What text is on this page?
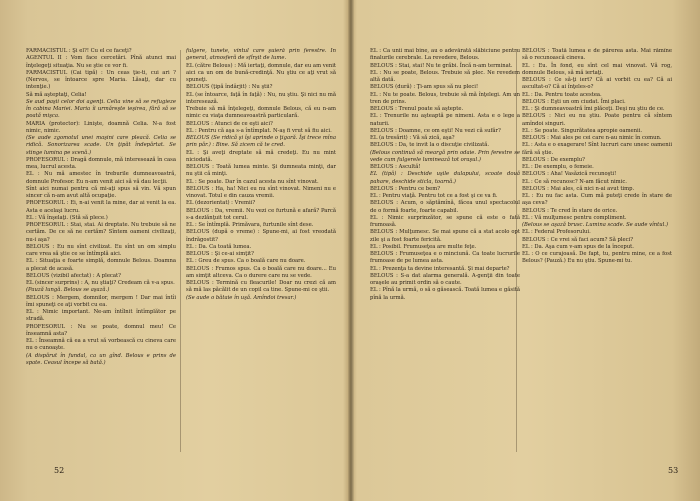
FARMACISTUL : Şi el?! Cu el ce faceţi?

AGENTUL II : Vom face cercetări. Pînă atunci mai înţelegeţi situaţia. Nu se ştie ce vor fi.

FARMACISTUL (Cai tipă) : Un ceas ţie-ti, cui ari ? (Nervos, se întoarce spre Maria. Lăsaţi, dar cu intenţie.)

Să mă aşteptaţi, Celia!

Se aud paşii celor doi agenţi. Celia vine să se refugieze în cabina Mariei. Maria îi urmăreşte ieşirea, fără să se poată mişca.

MARIA (protector): Linişte, doamnă Celia. N-a fost nimic, nimic.

(Se aude zgomotul unei maşini care pleacă. Celia se ridică. Sonorizarea scade. Un ţipăt îndepărtat. Se stinge lumina pe scenă.)

PROFESORUL : Dragă domnule, mă interesează în casa mea, lucrul acesta.

EL : Nu mă amestec în treburile dumneavoastră, domnule Profesor. Eu n-am venit aici să vă dau lecţii.

Sînt aici numai pentru că mi-aţi spus să vin. Vă spun sincer că n-am avut altă ocupaţie.

PROFESORUL : Ei, n-ai venit la mine, dar ai venit la ea. Asta e acelaşi lucru.

EL : Vă înşelaţi. (Stă să plece.)

PROFESORUL : Stai, stai. Ai dreptate. Nu trebuie să ne certăm. De ce să ne certăm? Sîntem oameni civilizaţi, nu-i aşa?

BELOUS : Eu nu sînt civilizat. Eu sînt un om simplu care vrea să ştie ce se întîmplă aici.

EL : Situaţia e foarte simplă, domnule Belous. Doamna a plecat de acasă.

BELOUS (vizibil afectat) : A plecat?

EL (sincer surprins) : A, nu ştiaţi? Credeam că v-a spus.

(Pauză lungă. Belous se aşază.)

BELOUS : Mergem, domnilor, mergem ! Dar mai întîi îmi spuneţi ce aţi vorbit cu ea.

EL : Nimic important. Ne-am întîlnit întîmplător pe stradă.

PROFESORUL : Nu se poate, domnul meu! Ce înseamnă asta?

EL : Înseamnă că ea a vrut să vorbească cu cineva care nu o cunoaşte.

(A dispărut în fundal, ca un gînd. Belous e prins de spate. Ceasul începe să bată.)

fulgere, tunete, vîntul care şuieră prin ferestre. În general, atmosferă de sfîrşit de lume.

EL (către Belous) : Mă iertaţi, domnule, dar eu am venit aici ca un om de bună-credinţă. Nu ştiu ce aţi vrut să spuneţi.

BELOUS (ţipă îndârjit) : Nu ştii?

EL (se întoarce, faţă în faţă) : Nu, nu ştiu. Şi nici nu mă interesează.

Trebuie să mă înţelegeţi, domnule Belous, că eu n-am nimic cu viaţa dumneavoastră particulară.

BELOUS : Atunci de ce eşti aici?

EL : Pentru că aşa s-a întîmplat. N-aş fi vrut să fiu aici.

BELOUS (Se ridică şi îşi aprinde o ţigară. Îşi trece mîna prin păr.) : Bine. Să zicem că te cred.

EL : Şi aveţi dreptate să mă credeţi. Eu nu mint niciodată.

BELOUS : Toată lumea minte. Şi dumneata minţi, dar nu ştii că minţi.

EL : Se poate. Dar în cazul acesta nu sînt vinovat.

BELOUS : Ha, ha! Nici eu nu sînt vinovat. Nimeni nu e vinovat. Totul e din cauza vremii.

EL (dezorientat) : Vremii?

BELOUS : Da, vremii. Nu vezi ce furtună e afară? Parcă s-a dezlănţuit tot cerul.

EL : Se întîmplă. Primăvara, furtunile sînt dese.

BELOUS (după o vreme) : Spune-mi, ai fost vreodată îndrăgostit?

EL : Da. Ca toată lumea.

BELOUS : Şi ce-ai simţit?

EL : Greu de spus. Ca o boală care nu doare.

BELOUS : Frumos spus. Ca o boală care nu doare... Eu am simţit altceva. Ca o durere care nu se vede.

BELOUS : Termină cu fleacurile! Doar nu crezi că am să mă las păcălit de un copil ca tine. Spune-mi ce ştii.

(Se aude o bătaie în uşă. Amîndoi tresar.)

52

EL : Ca unii mai bine, au o adevărată slăbiciune pentru finalurile cerebrale. La revedere, Belous.

BELOUS : Stai, stai! Nu te grăbi. Încă n-am terminat.

EL : Nu se poate, Belous. Trebuie să plec. Ne revedem altă dată.

BELOUS (dură) : Ţi-am spus să nu pleci!

EL : Nu te poate. Belous, trebuie să mă înţelegi. Am un tren de prins.

BELOUS : Trenul poate să aştepte.

EL : Trenurile nu aşteaptă pe nimeni. Asta e o lege a naturii.

BELOUS : Doamne, ce om eşti! Nu vezi că sufăr?

EL (a tresărit) : Vă să zică, aşa?

BELOUS : Da, te invit la o discuţie civilizată.

(Belous continuă să meargă prin odaie. Prin ferestre se vede cum fulgerele luminează tot oraşul.)

BELOUS : Ascultă!

EL (tipă) : Deschide uşile dulapului, scoate două pahare, deschide sticla, toarnă.)

BELOUS : Pentru ce bem?

EL : Pentru viaţă. Pentru tot ce a fost şi ce va fi.

BELOUS : Acum, o săptămînă, făcea unul spectacolul de o formă foarte, foarte capabil.

EL : Nimic surprinzător, se spune că este o fată frumoasă.

BELOUS : Mulţumesc. Se mai spune că a stat acolo opt zile şi a fost foarte fericită.

EL : Posibil. Frumuseţea are multe feţe.

BELOUS : Frumuseţea e o minciună. Ca toate lucrurile frumoase de pe lumea asta.

EL : Prezenţa ta devine interesantă. Şi mai departe?

BELOUS : S-a dat alarma generală. A-genţii din toate oraşele au primit ordin să o caute.

EL : Pînă la urmă, o să o găsească. Toată lumea e găsită pînă la urmă.

BELOUS : Toată lumea e de părerea asta. Mai rămîne să o recunoască cineva.

EL : Eu. În fond, eu sînt cel mai vinovat. Vă rog, domnule Belous, să mă iertaţi.

BELOUS : Ce să-ţi iert? Că ai vorbit cu ea? Că ai ascultat-o? Că ai înţeles-o?

EL : Da. Pentru toate acestea.

BELOUS : Eşti un om ciudat. Îmi placi.

EL : Şi dumneavoastră îmi plăceţi. Deşi nu ştiu de ce.

BELOUS : Nici eu nu ştiu. Poate pentru că sîntem amîndoi singuri.

EL : Se poate. Singurătatea apropie oamenii.

BELOUS : Mai ales pe cei care n-au nimic în comun.

EL : Asta e o exagerare! Sînt lucruri care unesc oamenii fără să ştie.

BELOUS : De exemplu?

EL : De exemplu, o femeie.

BELOUS : Aha! Vasăzică recunoşti!

EL : Ce să recunosc? N-am făcut nimic.

BELOUS : Mai ales, că nici n-ai avut timp.

EL : Eu nu fac asta. Cum mă puteţi crede în stare de aşa ceva?

BELOUS : Te cred în stare de orice.

EL : Vă mulţumesc pentru compliment.

(Belous se aşază brusc. Lumina scade. Se aude vîntul.)

EL : Federal Profesorului.

BELOUS : Ce vrei să faci acum? Să pleci?

EL : Da. Aşa cum v-am spus de la început.

EL : O ce curajoasă. De fapt, tu, pentru mine, ce a fost Belous? (Pauză.) Eu nu ştiu. Spune-mi tu.

53
